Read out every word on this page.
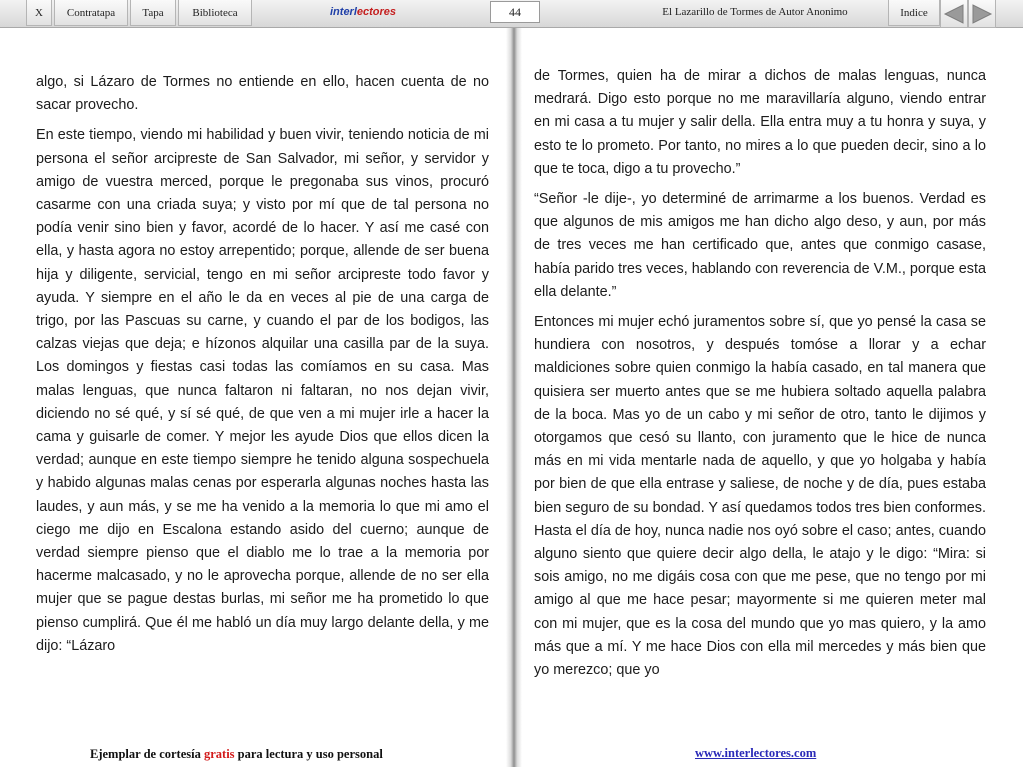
X	Contratapa	Tapa	Biblioteca	interlectores	44	El Lazarillo de Tormes de Autor Anonimo	Indice

algo, si Lázaro de Tormes no entiende en ello, hacen cuenta de no sacar provecho.

En este tiempo, viendo mi habilidad y buen vivir, teniendo noticia de mi persona el señor arcipreste de San Salvador, mi señor, y servidor y amigo de vuestra merced, porque le pregonaba sus vinos, procuró casarme con una criada suya; y visto por mí que de tal persona no podía venir sino bien y favor, acordé de lo hacer. Y así me casé con ella, y hasta agora no estoy arrepentido; porque, allende de ser buena hija y diligente, servicial, tengo en mi señor arcipreste todo favor y ayuda. Y siempre en el año le da en veces al pie de una carga de trigo, por las Pascuas su carne, y cuando el par de los bodigos, las calzas viejas que deja; e hízonos alquilar una casilla par de la suya. Los domingos y fiestas casi todas las comíamos en su casa. Mas malas lenguas, que nunca faltaron ni faltaran, no nos dejan vivir, diciendo no sé qué, y sí sé qué, de que ven a mi mujer irle a hacer la cama y guisarle de comer. Y mejor les ayude Dios que ellos dicen la verdad; aunque en este tiempo siempre he tenido alguna sospechuela y habido algunas malas cenas por esperarla algunas noches hasta las laudes, y aun más, y se me ha venido a la memoria lo que mi amo el ciego me dijo en Escalona estando asido del cuerno; aunque de verdad siempre pienso que el diablo me lo trae a la memoria por hacerme malcasado, y no le aprovecha porque, allende de no ser ella mujer que se pague destas burlas, mi señor me ha prometido lo que pienso cumplirá. Que él me habló un día muy largo delante della, y me dijo: “Lázaro

de Tormes, quien ha de mirar a dichos de malas lenguas, nunca medrará. Digo esto porque no me maravillaría alguno, viendo entrar en mi casa a tu mujer y salir della. Ella entra muy a tu honra y suya, y esto te lo prometo. Por tanto, no mires a lo que pueden decir, sino a lo que te toca, digo a tu provecho.”

“Señor -le dije-, yo determiné de arrimarme a los buenos. Verdad es que algunos de mis amigos me han dicho algo deso, y aun, por más de tres veces me han certificado que, antes que conmigo casase, había parido tres veces, hablando con reverencia de V.M., porque esta ella delante.”

Entonces mi mujer echó juramentos sobre sí, que yo pensé la casa se hundiera con nosotros, y después tomóse a llorar y a echar maldiciones sobre quien conmigo la había casado, en tal manera que quisiera ser muerto antes que se me hubiera soltado aquella palabra de la boca. Mas yo de un cabo y mi señor de otro, tanto le dijimos y otorgamos que cesó su llanto, con juramento que le hice de nunca más en mi vida mentarle nada de aquello, y que yo holgaba y había por bien de que ella entrase y saliese, de noche y de día, pues estaba bien seguro de su bondad. Y así quedamos todos tres bien conformes. Hasta el día de hoy, nunca nadie nos oyó sobre el caso; antes, cuando alguno siento que quiere decir algo della, le atajo y le digo: “Mira: si sois amigo, no me digáis cosa con que me pese, que no tengo por mi amigo al que me hace pesar; mayormente si me quieren meter mal con mi mujer, que es la cosa del mundo que yo mas quiero, y la amo más que a mí. Y me hace Dios con ella mil mercedes y más bien que yo merezco; que yo

Ejemplar de cortesía gratis para lectura y uso personal	www.interlectores.com
